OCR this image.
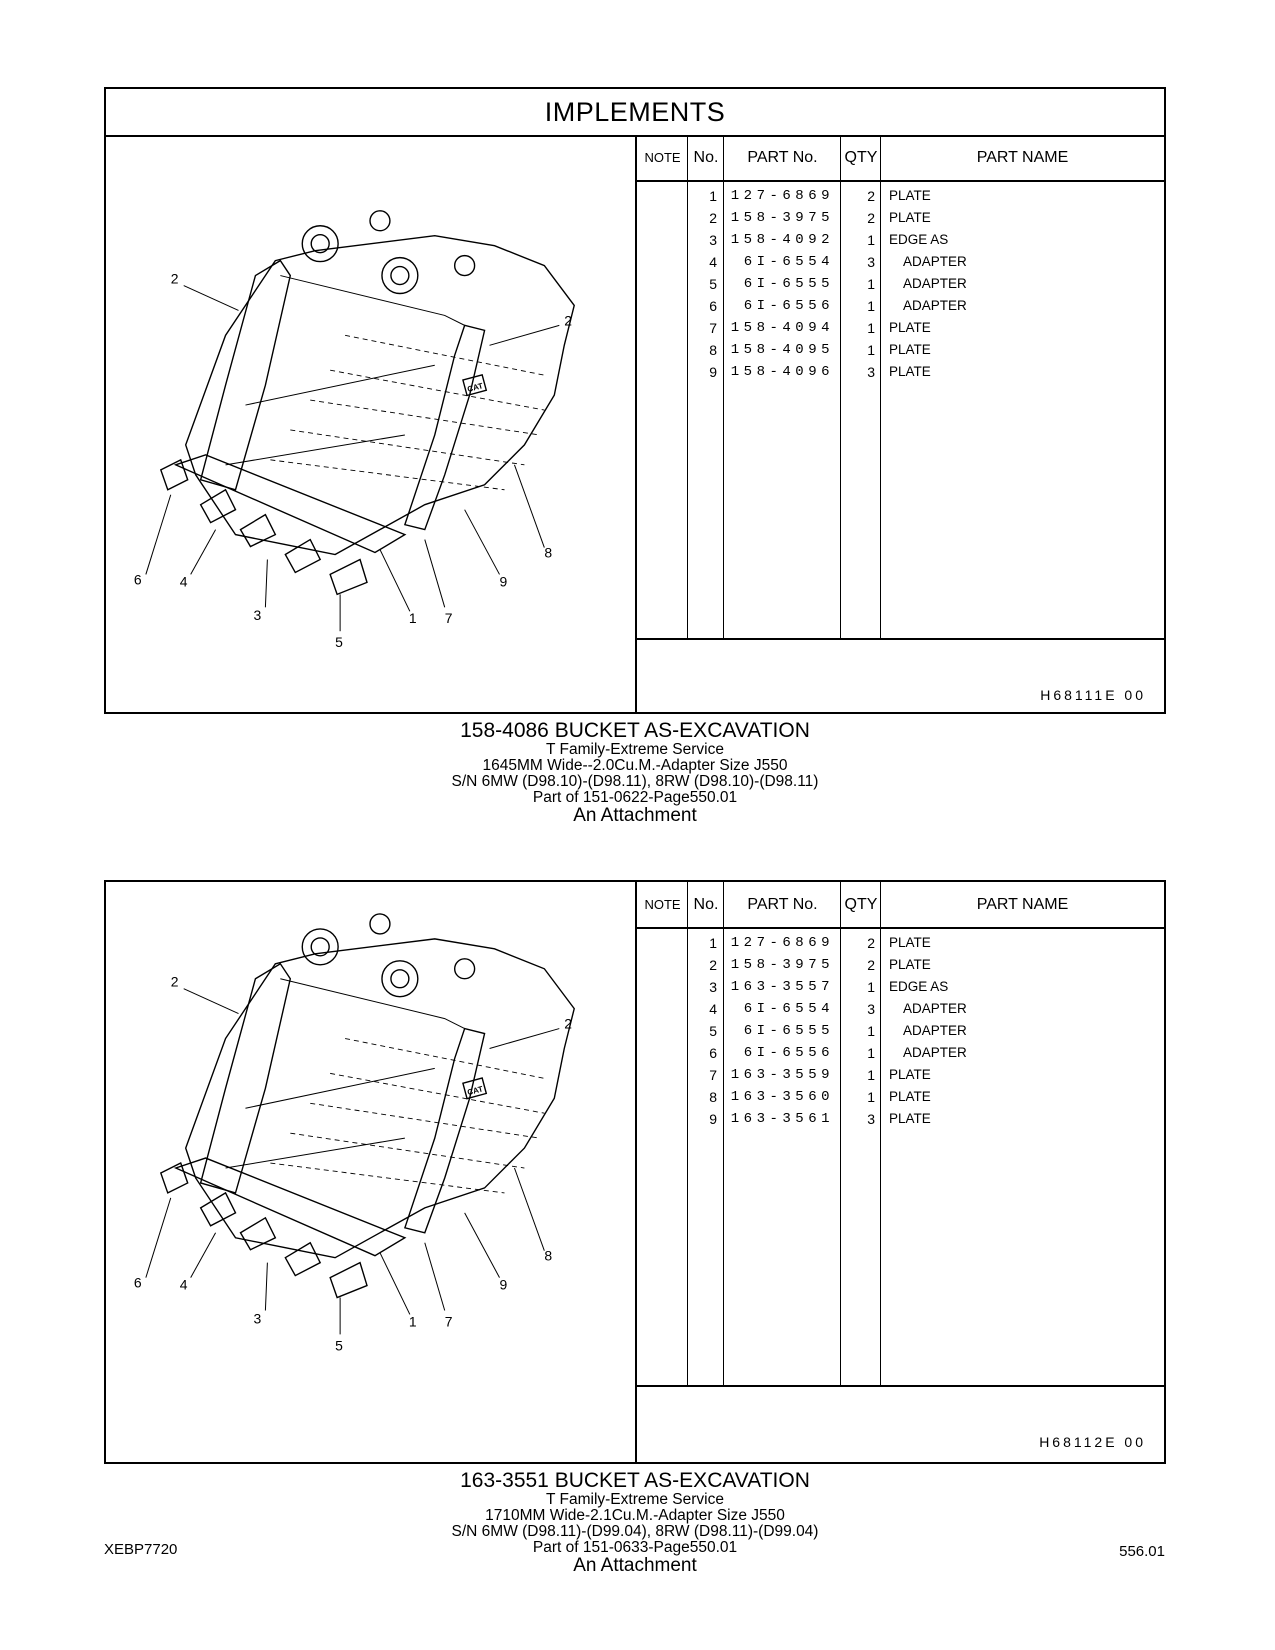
IMPLEMENTS
CAT
2
2
3
4
5
6
1 7
9
8
NOTE No.	PART No.	QTY	PART NAME
1 127-6869	2 PLATE
2 158-3975	2 PLATE
3 158-4092	1 EDGE AS
4	6I-6554	3 ADAPTER
5	6I-6555	1 ADAPTER
6	6I-6556	1 ADAPTER
7 158-4094	1 PLATE
8 158-4095	1 PLATE
9 158-4096	3 PLATE
H68111E 00
158-4086 BUCKET AS-EXCAVATION
T Family-Extreme Service
1645MM Wide--2.0Cu.M.-Adapter Size J550
S/N 6MW (D98.10)-(D98.11), 8RW (D98.10)-(D98.11)
Part of 151-0622-Page550.01
An Attachment
CAT
2
2
3
4
5
6
1 7
9
8
NOTE No.	PART No.	QTY	PART NAME
1 127-6869	2 PLATE
2 158-3975	2 PLATE
3 163-3557	1 EDGE AS
4	6I-6554	3 ADAPTER
5	6I-6555	1 ADAPTER
6	6I-6556	1 ADAPTER
7 163-3559	1 PLATE
8 163-3560	1 PLATE
9 163-3561	3 PLATE
H68112E 00
163-3551 BUCKET AS-EXCAVATION
T Family-Extreme Service
1710MM Wide-2.1Cu.M.-Adapter Size J550
S/N 6MW (D98.11)-(D99.04), 8RW (D98.11)-(D99.04)
Part of 151-0633-Page550.01
An Attachment
XEBP7720	556.01
